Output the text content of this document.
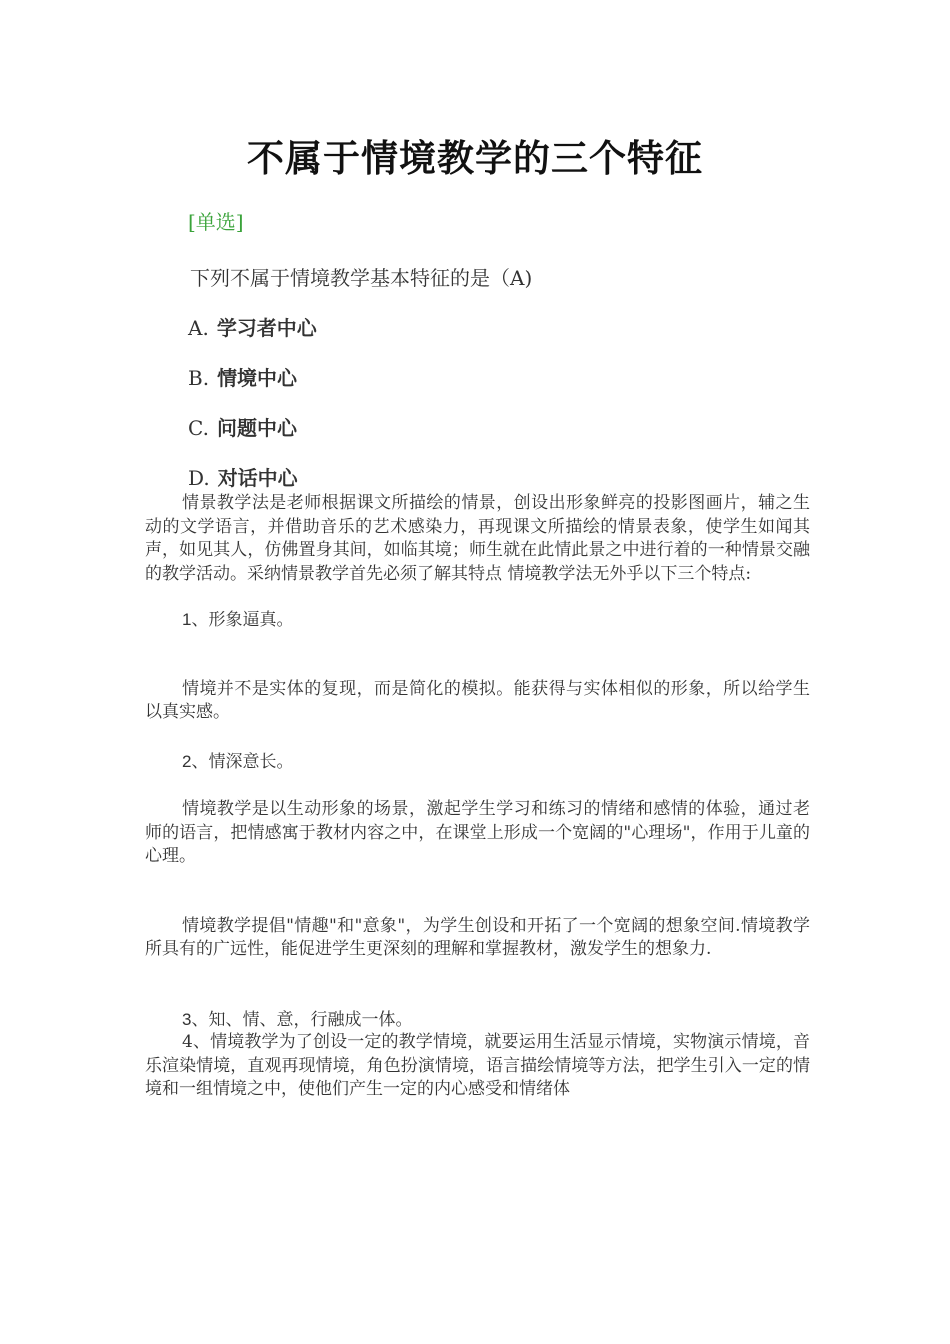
不属于情境教学的三个特征
[单选]
下列不属于情境教学基本特征的是（A)
A. 学习者中心
B. 情境中心
C. 问题中心
D. 对话中心

情景教学法是老师根据课文所描绘的情景，创设出形象鲜亮的投影图画片，辅之生动的文学语言，并借助音乐的艺术感染力，再现课文所描绘的情景表象，使学生如闻其声，如见其人，仿佛置身其间，如临其境；师生就在此情此景之中进行着的一种情景交融的教学活动。采纳情景教学首先必须了解其特点 情境教学法无外乎以下三个特点:

1、形象逼真。

情境并不是实体的复现，而是简化的模拟。能获得与实体相似的形象，所以给学生以真实感。

2、情深意长。

情境教学是以生动形象的场景，激起学生学习和练习的情绪和感情的体验，通过老师的语言，把情感寓于教材内容之中，在课堂上形成一个宽阔的"心理场"，作用于儿童的心理。

情境教学提倡"情趣"和"意象"，为学生创设和开拓了一个宽阔的想象空间.情境教学所具有的广远性，能促进学生更深刻的理解和掌握教材，激发学生的想象力.

3、知、情、意，行融成一体。

4、情境教学为了创设一定的教学情境，就要运用生活显示情境，实物演示情境，音乐渲染情境，直观再现情境，角色扮演情境，语言描绘情境等方法，把学生引入一定的情境和一组情境之中，使他们产生一定的内心感受和情绪体
